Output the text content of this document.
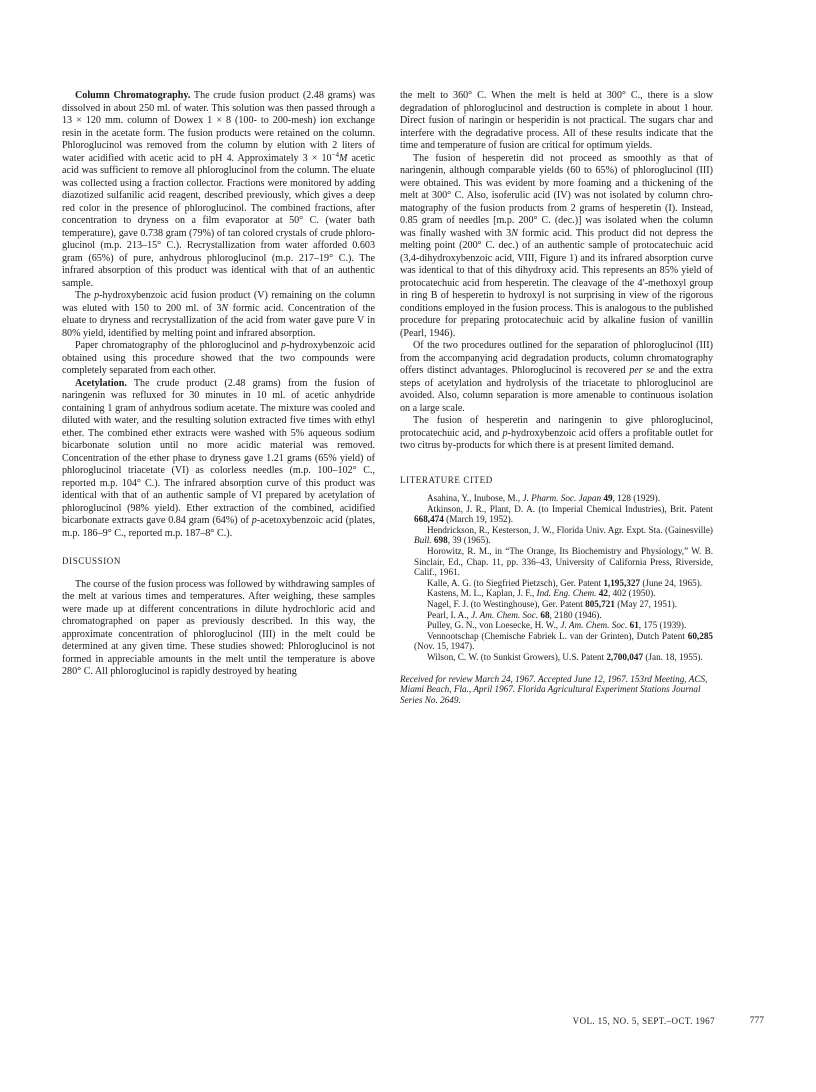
Column Chromatography. The crude fusion product (2.48 grams) was dissolved in about 250 ml. of water. This solution was then passed through a 13 × 120 mm. column of Dowex 1 × 8 (100- to 200-mesh) ion exchange resin in the acetate form. The fusion products were retained on the column. Phloroglucinol was removed from the column by elution with 2 liters of water acidified with acetic acid to pH 4. Approximately $3 \times 10^{-4}M$ acetic acid was sufficient to remove all phloroglucinol from the column. The eluate was collected using a fraction collector. Fractions were monitored by adding diazotized sulfanilic acid reagent, described previously, which gives a deep red color in the presence of phloroglucinol. The combined fractions, after concentration to dryness on a film evaporator at 50° C. (water bath temperature), gave 0.738 gram (79%) of tan colored crystals of crude phloroglucinol (m.p. 213–15° C.). Recrystallization from water afforded 0.603 gram (65%) of pure, anhydrous phloroglucinol (m.p. 217–19° C.). The infrared absorption of this product was identical with that of an authentic sample.

The p-hydroxybenzoic acid fusion product (V) remaining on the column was eluted with 150 to 200 ml. of 3N formic acid. Concentration of the eluate to dryness and recrystallization of the acid from water gave pure V in 80% yield, identified by melting point and infrared absorption.

Paper chromatography of the phloroglucinol and p-hydroxybenzoic acid obtained using this procedure showed that the two compounds were completely separated from each other.

Acetylation. The crude product (2.48 grams) from the fusion of naringenin was refluxed for 30 minutes in 10 ml. of acetic anhydride containing 1 gram of anhydrous sodium acetate. The mixture was cooled and diluted with water, and the resulting solution extracted five times with ethyl ether. The combined ether extracts were washed with 5% aqueous sodium bicarbonate solution until no more acidic material was removed. Concentration of the ether phase to dryness gave 1.21 grams (65% yield) of phloroglucinol triacetate (VI) as colorless needles (m.p. 100–102° C., reported m.p. 104° C.). The infrared absorption curve of this product was identical with that of an authentic sample of VI prepared by acetylation of phloroglucinol (98% yield). Ether extraction of the combined, acidified bicarbonate extracts gave 0.84 gram (64%) of p-acetoxybenzoic acid (plates, m.p. 186–9° C., reported m.p. 187–8° C.).

DISCUSSION

The course of the fusion process was followed by withdrawing samples of the melt at various times and temperatures. After weighing, these samples were made up at different concentrations in dilute hydrochloric acid and chromatographed on paper as previously described. In this way, the approximate concentration of phloroglucinol (III) in the melt could be determined at any given time. These studies showed: Phloroglucinol is not formed in appreciable amounts in the melt until the temperature is above 280° C. All phloroglucinol is rapidly destroyed by heating

the melt to 360° C. When the melt is held at 300° C., there is a slow degradation of phloroglucinol and destruction is complete in about 1 hour. Direct fusion of naringin or hesperidin is not practical. The sugars char and interfere with the degradative process. All of these results indicate that the time and temperature of fusion are critical for optimum yields.

The fusion of hesperetin did not proceed as smoothly as that of naringenin, although comparable yields (60 to 65%) of phloroglucinol (III) were obtained. This was evident by more foaming and a thickening of the melt at 300° C. Also, isoferulic acid (IV) was not isolated by column chromatography of the fusion products from 2 grams of hesperetin (I). Instead, 0.85 gram of needles [m.p. 200° C. (dec.)] was isolated when the column was finally washed with 3N formic acid. This product did not depress the melting point (200° C. dec.) of an authentic sample of protocatechuic acid (3,4-dihydroxybenzoic acid, VIII, Figure 1) and its infrared absorption curve was identical to that of this dihydroxy acid. This represents an 85% yield of protocatechuic acid from hesperetin. The cleavage of the 4′-methoxyl group in ring B of hesperetin to hydroxyl is not surprising in view of the rigorous conditions employed in the fusion process. This is analogous to the published procedure for preparing protocatechuic acid by alkaline fusion of vanillin (Pearl, 1946).

Of the two procedures outlined for the separation of phloroglucinol (III) from the accompanying acid degradation products, column chromatography offers distinct advantages. Phloroglucinol is recovered per se and the extra steps of acetylation and hydrolysis of the triacetate to phloroglucinol are avoided. Also, column separation is more amenable to continuous isolation on a large scale.

The fusion of hesperetin and naringenin to give phloroglucinol, protocatechuic acid, and p-hydroxybenzoic acid offers a profitable outlet for two citrus by-products for which there is at present limited demand.

LITERATURE CITED

Asahina, Y., Inubose, M., J. Pharm. Soc. Japan 49, 128 (1929).

Atkinson, J. R., Plant, D. A. (to Imperial Chemical Industries), Brit. Patent 668,474 (March 19, 1952).

Hendrickson, R., Kesterson, J. W., Florida Univ. Agr. Expt. Sta. (Gainesville) Bull. 698, 39 (1965).

Horowitz, R. M., in “The Orange, Its Biochemistry and Physiology,” W. B. Sinclair, Ed., Chap. 11, pp. 336–43, University of California Press, Riverside, Calif., 1961.

Kalle, A. G. (to Siegfried Pietzsch), Ger. Patent 1,195,327 (June 24, 1965).

Kastens, M. L., Kaplan, J. F., Ind. Eng. Chem. 42, 402 (1950).

Nagel, F. J. (to Westinghouse), Ger. Patent 805,721 (May 27, 1951).

Pearl, I. A., J. Am. Chem. Soc. 68, 2180 (1946).

Pulley, G. N., von Loesecke, H. W., J. Am. Chem. Soc. 61, 175 (1939).

Vennootschap (Chemische Fabriek L. van der Grinten), Dutch Patent 60,285 (Nov. 15, 1947).

Wilson, C. W. (to Sunkist Growers), U.S. Patent 2,700,047 (Jan. 18, 1955).

Received for review March 24, 1967. Accepted June 12, 1967. 153rd Meeting, ACS, Miami Beach, Fla., April 1967. Florida Agricultural Experiment Stations Journal Series No. 2649.
VOL. 15, NO. 5, SEPT.–OCT. 1967	777
